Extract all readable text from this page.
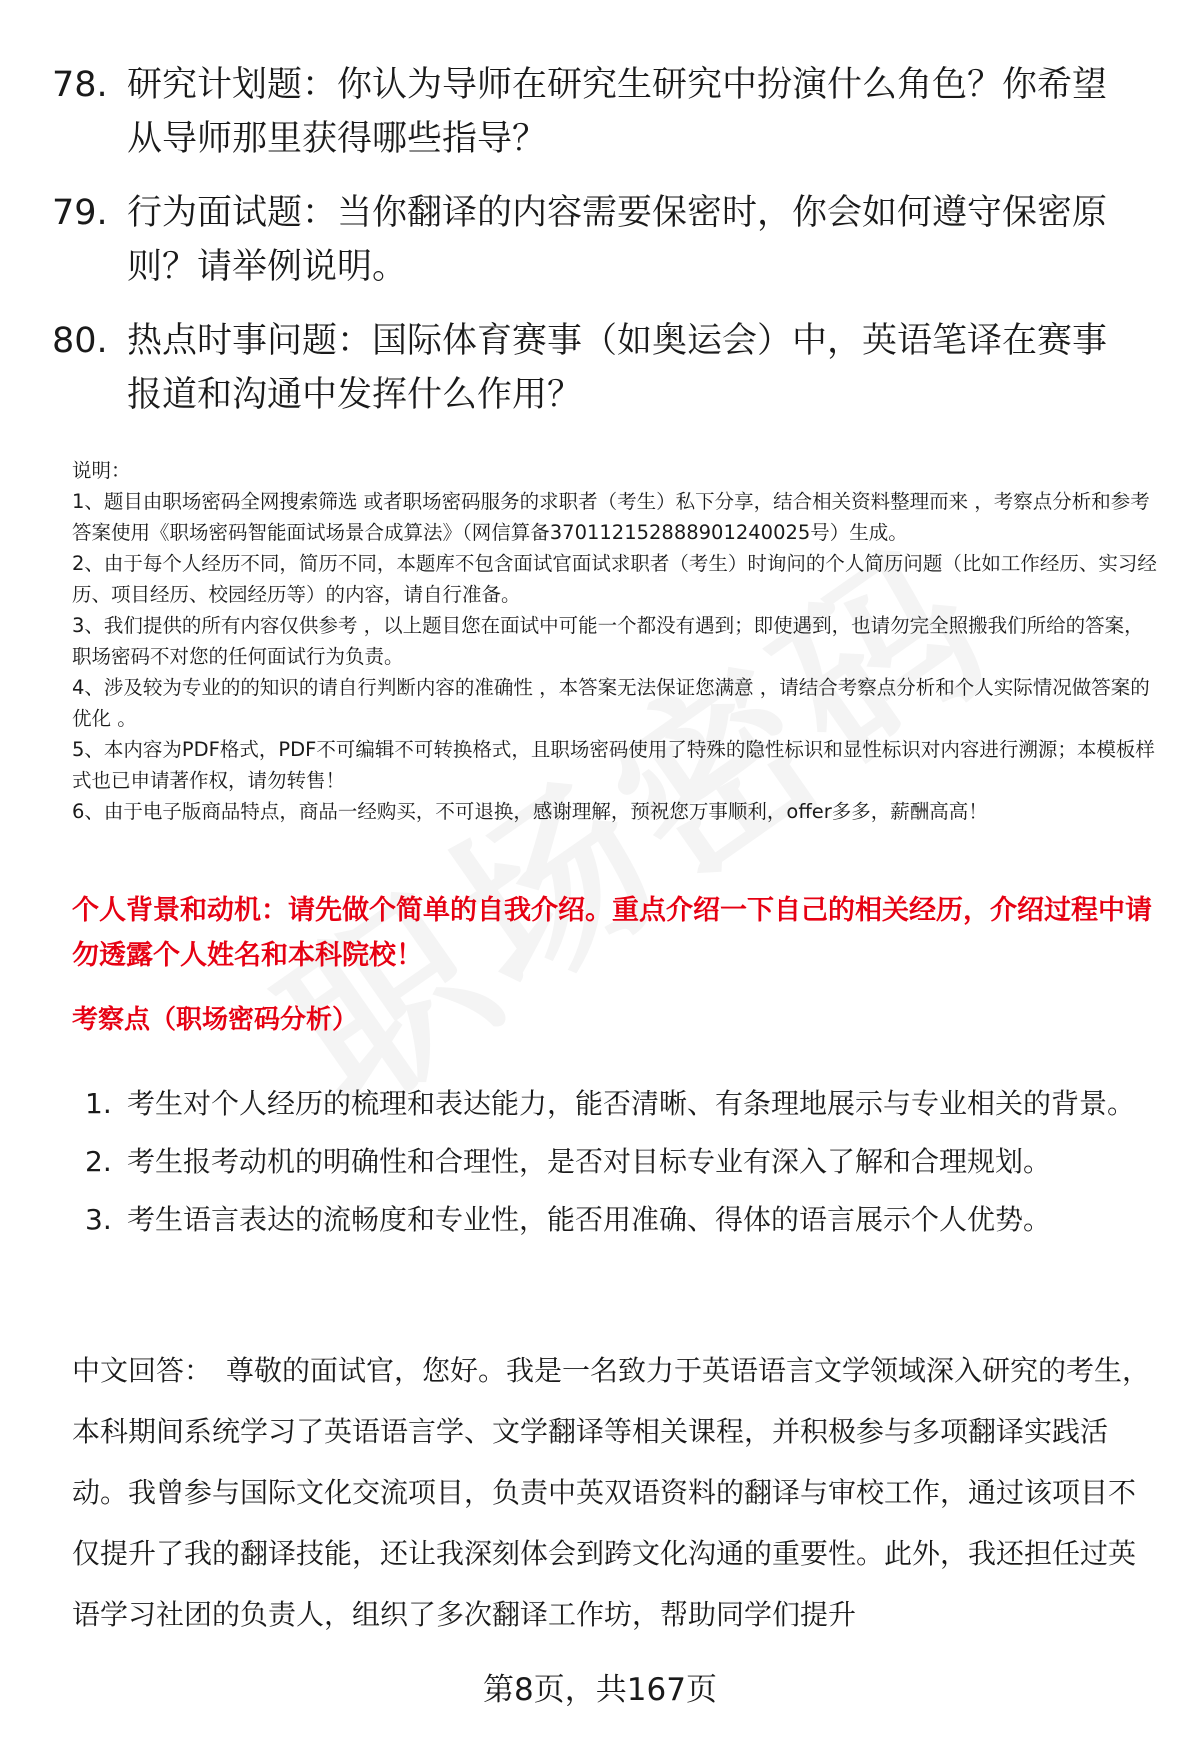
78. 研究计划题：你认为导师在研究生研究中扮演什么角色？你希望从导师那里获得哪些指导？
79. 行为面试题：当你翻译的内容需要保密时，你会如何遵守保密原则？请举例说明。
80. 热点时事问题：国际体育赛事（如奥运会）中，英语笔译在赛事报道和沟通中发挥什么作用？

说明：

1、题目由职场密码全网搜索筛选 或者职场密码服务的求职者（考生）私下分享，结合相关资料整理而来 ，考察点分析和参考答案使用《职场密码智能面试场景合成算法》（网信算备370112152888901240025号）生成。

2、由于每个人经历不同，简历不同，本题库不包含面试官面试求职者（考生）时询问的个人简历问题（比如工作经历、实习经历、项目经历、校园经历等）的内容，请自行准备。

3、我们提供的所有内容仅供参考 ，以上题目您在面试中可能一个都没有遇到；即使遇到，也请勿完全照搬我们所给的答案，职场密码不对您的任何面试行为负责。

4、涉及较为专业的的知识的请自行判断内容的准确性 ，本答案无法保证您满意 ，请结合考察点分析和个人实际情况做答案的优化 。

5、本内容为PDF格式，PDF不可编辑不可转换格式，且职场密码使用了特殊的隐性标识和显性标识对内容进行溯源；本模板样式也已申请著作权，请勿转售！

6、由于电子版商品特点，商品一经购买，不可退换，感谢理解，预祝您万事顺利，offer多多，薪酬高高！

个人背景和动机：请先做个简单的自我介绍。重点介绍一下自己的相关经历，介绍过程中请勿透露个人姓名和本科院校！
考察点（职场密码分析）
1. 考生对个人经历的梳理和表达能力，能否清晰、有条理地展示与专业相关的背景。
2. 考生报考动机的明确性和合理性，是否对目标专业有深入了解和合理规划。
3. 考生语言表达的流畅度和专业性，能否用准确、得体的语言展示个人优势。
中文回答： 尊敬的面试官，您好。我是一名致力于英语语言文学领域深入研究的考生，本科期间系统学习了英语语言学、文学翻译等相关课程，并积极参与多项翻译实践活动。我曾参与国际文化交流项目，负责中英双语资料的翻译与审校工作，通过该项目不仅提升了我的翻译技能，还让我深刻体会到跨文化沟通的重要性。此外，我还担任过英语学习社团的负责人，组织了多次翻译工作坊，帮助同学们提升
第8页，共167页
